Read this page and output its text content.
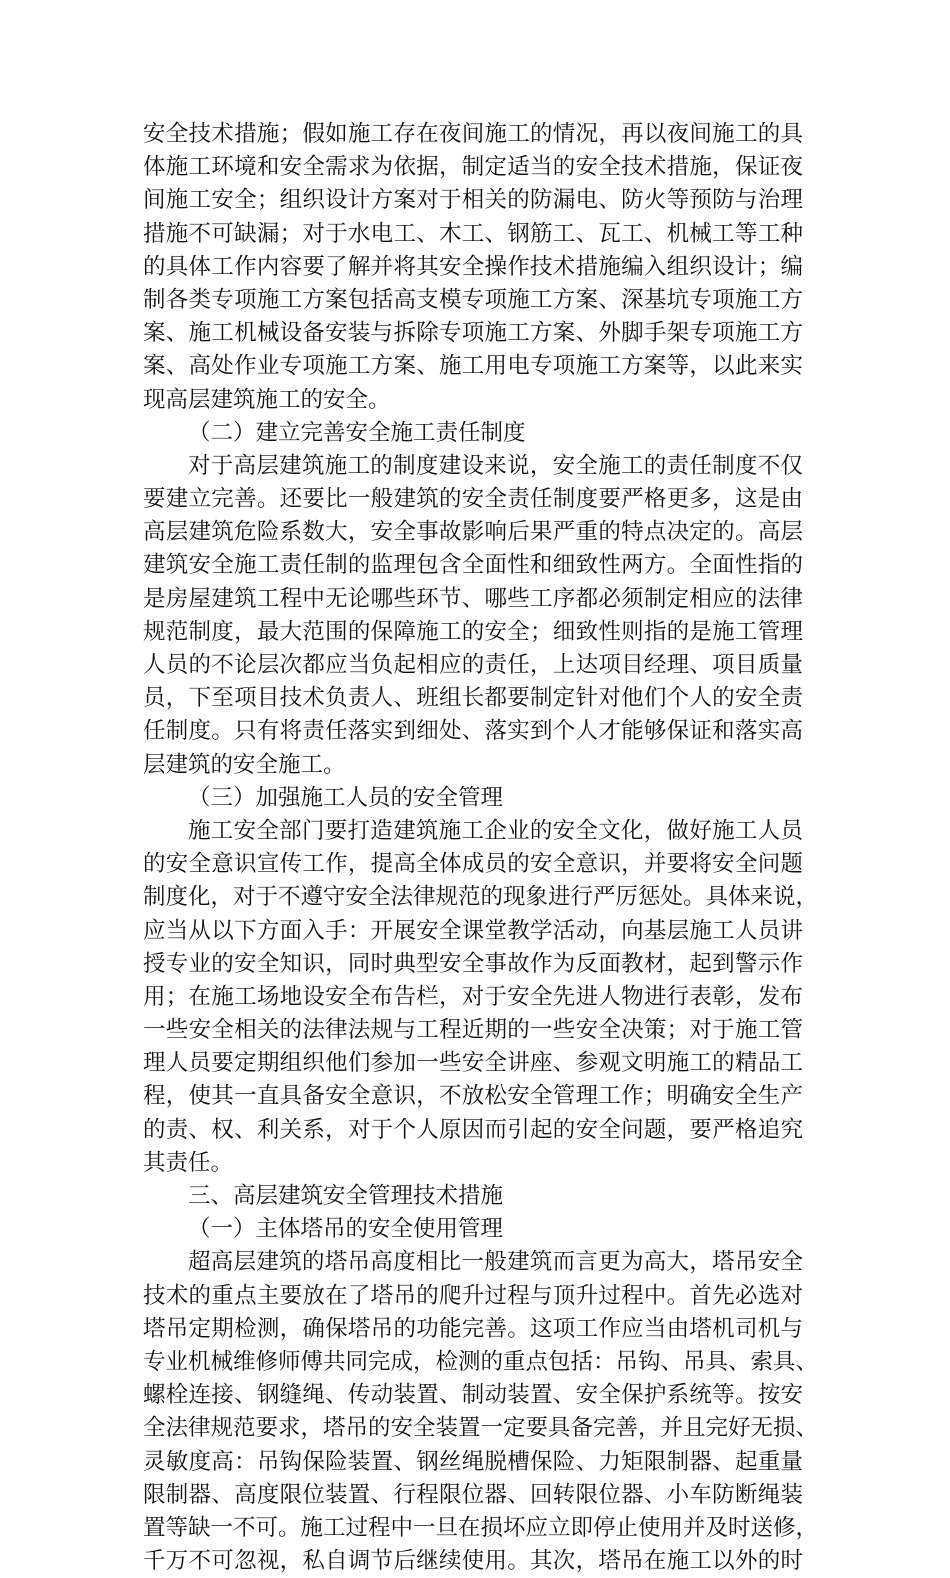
安全技术措施；假如施工存在夜间施工的情况，再以夜间施工的具
体施工环境和安全需求为依据，制定适当的安全技术措施，保证夜
间施工安全；组织设计方案对于相关的防漏电、防火等预防与治理
措施不可缺漏；对于水电工、木工、钢筋工、瓦工、机械工等工种
的具体工作内容要了解并将其安全操作技术措施编入组织设计；编
制各类专项施工方案包括高支模专项施工方案、深基坑专项施工方
案、施工机械设备安装与拆除专项施工方案、外脚手架专项施工方
案、高处作业专项施工方案、施工用电专项施工方案等，以此来实
现高层建筑施工的安全。
（二）建立完善安全施工责任制度
对于高层建筑施工的制度建设来说，安全施工的责任制度不仅
要建立完善。还要比一般建筑的安全责任制度要严格更多，这是由
高层建筑危险系数大，安全事故影响后果严重的特点决定的。高层
建筑安全施工责任制的监理包含全面性和细致性两方。全面性指的
是房屋建筑工程中无论哪些环节、哪些工序都必须制定相应的法律
规范制度，最大范围的保障施工的安全；细致性则指的是施工管理
人员的不论层次都应当负起相应的责任，上达项目经理、项目质量
员，下至项目技术负责人、班组长都要制定针对他们个人的安全责
任制度。只有将责任落实到细处、落实到个人才能够保证和落实高
层建筑的安全施工。
（三）加强施工人员的安全管理
施工安全部门要打造建筑施工企业的安全文化，做好施工人员
的安全意识宣传工作，提高全体成员的安全意识，并要将安全问题
制度化，对于不遵守安全法律规范的现象进行严厉惩处。具体来说，
应当从以下方面入手：开展安全课堂教学活动，向基层施工人员讲
授专业的安全知识，同时典型安全事故作为反面教材，起到警示作
用；在施工场地设安全布告栏，对于安全先进人物进行表彰，发布
一些安全相关的法律法规与工程近期的一些安全决策；对于施工管
理人员要定期组织他们参加一些安全讲座、参观文明施工的精品工
程，使其一直具备安全意识，不放松安全管理工作；明确安全生产
的责、权、利关系，对于个人原因而引起的安全问题，要严格追究
其责任。
三、高层建筑安全管理技术措施
（一）主体塔吊的安全使用管理
超高层建筑的塔吊高度相比一般建筑而言更为高大，塔吊安全
技术的重点主要放在了塔吊的爬升过程与顶升过程中。首先必选对
塔吊定期检测，确保塔吊的功能完善。这项工作应当由塔机司机与
专业机械维修师傅共同完成，检测的重点包括：吊钩、吊具、索具、
螺栓连接、钢缝绳、传动装置、制动装置、安全保护系统等。按安
全法律规范要求，塔吊的安全装置一定要具备完善，并且完好无损、
灵敏度高：吊钩保险装置、钢丝绳脱槽保险、力矩限制器、起重量
限制器、高度限位装置、行程限位器、回转限位器、小车防断绳装
置等缺一不可。施工过程中一旦在损坏应立即停止使用并及时送修，
千万不可忽视，私自调节后继续使用。其次，塔吊在施工以外的时
